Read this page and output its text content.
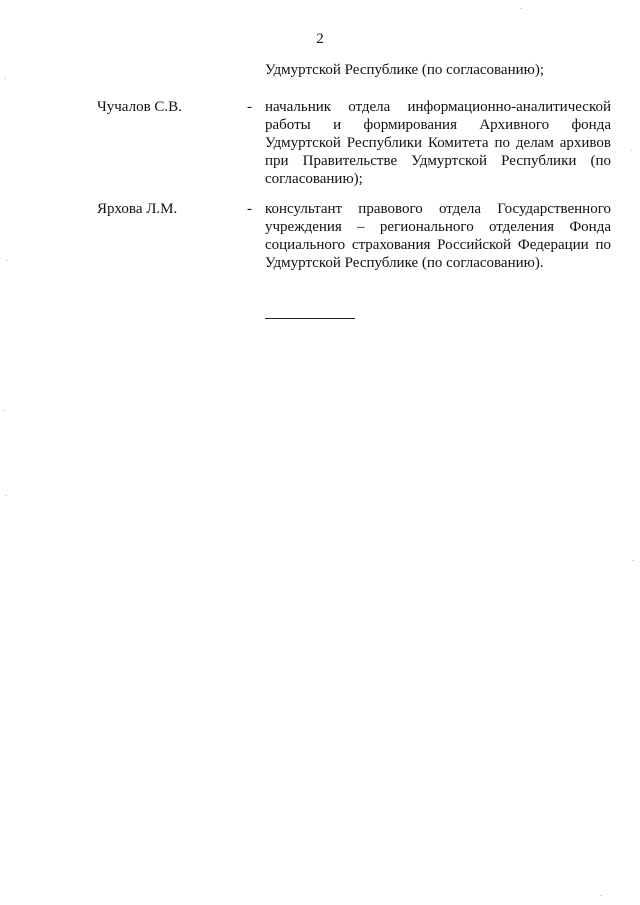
2
Удмуртской Республике (по согласованию);
Чучалов С.В.	- начальник отдела информационно-аналитической работы и формирования Архивного фонда Удмуртской Республики Комитета по делам архивов при Правительстве Удмуртской Республики (по согласованию);
Ярхова Л.М.	- консультант правового отдела Государственного учреждения – регионального отделения Фонда социального страхования Российской Федерации по Удмуртской Республике (по согласованию).
